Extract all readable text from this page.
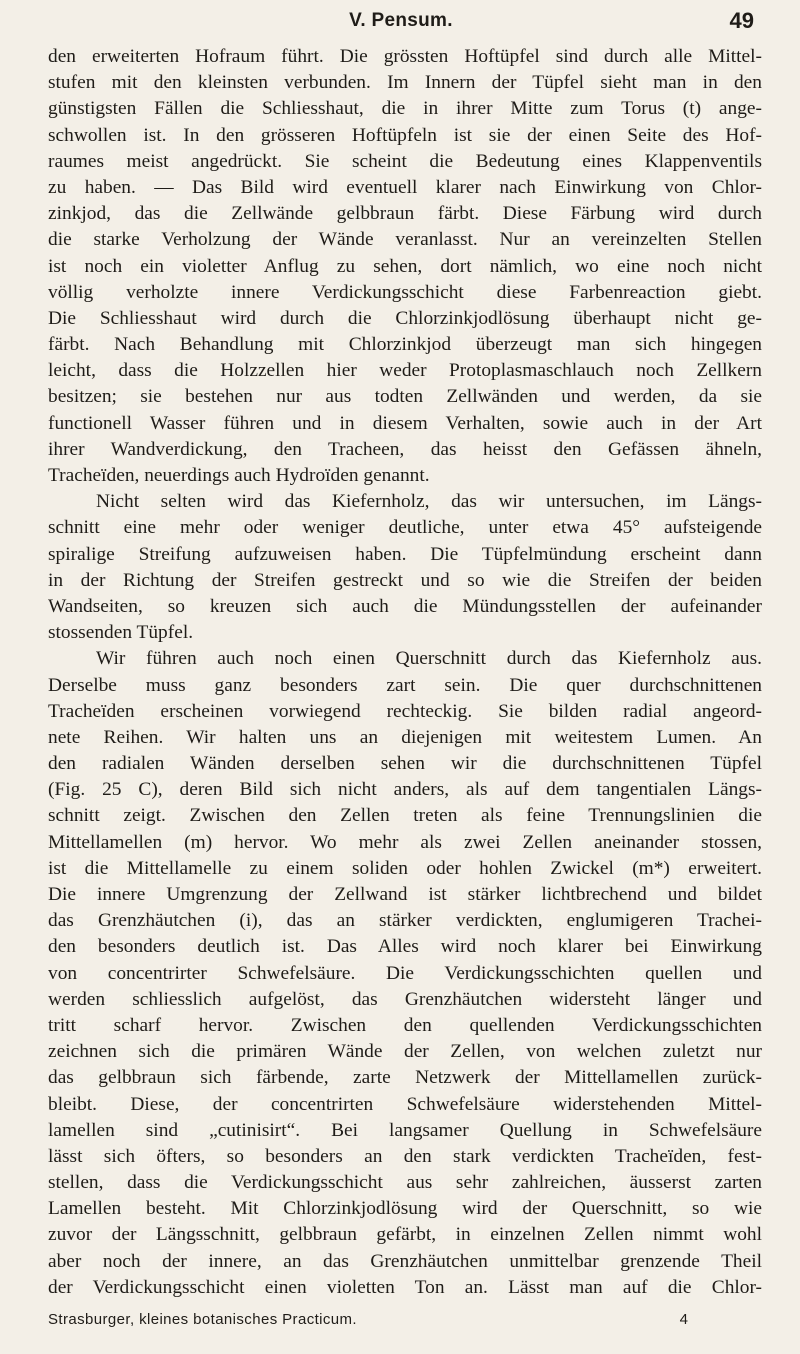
V. Pensum.	49
den erweiterten Hofraum führt. Die grössten Hoftüpfel sind durch alle Mittel-
stufen mit den kleinsten verbunden. Im Innern der Tüpfel sieht man in den
günstigsten Fällen die Schliesshaut, die in ihrer Mitte zum Torus (t) ange-
schwollen ist. In den grösseren Hoftüpfeln ist sie der einen Seite des Hof-
raumes meist angedrückt. Sie scheint die Bedeutung eines Klappenventils
zu haben. — Das Bild wird eventuell klarer nach Einwirkung von Chlor-
zinkjod, das die Zellwände gelbbraun färbt. Diese Färbung wird durch
die starke Verholzung der Wände veranlasst. Nur an vereinzelten Stellen
ist noch ein violetter Anflug zu sehen, dort nämlich, wo eine noch nicht
völlig verholzte innere Verdickungsschicht diese Farbenreaction giebt.
Die Schliesshaut wird durch die Chlorzinkjodlösung überhaupt nicht ge-
färbt. Nach Behandlung mit Chlorzinkjod überzeugt man sich hingegen
leicht, dass die Holzzellen hier weder Protoplasmaschlauch noch Zellkern
besitzen; sie bestehen nur aus todten Zellwänden und werden, da sie
functionell Wasser führen und in diesem Verhalten, sowie auch in der Art
ihrer Wandverdickung, den Tracheen, das heisst den Gefässen ähneln,
Tracheïden, neuerdings auch Hydroïden genannt.
Nicht selten wird das Kiefernholz, das wir untersuchen, im Längs-
schnitt eine mehr oder weniger deutliche, unter etwa 45° aufsteigende
spiralige Streifung aufzuweisen haben. Die Tüpfelmündung erscheint dann
in der Richtung der Streifen gestreckt und so wie die Streifen der beiden
Wandseiten, so kreuzen sich auch die Mündungsstellen der aufeinander
stossenden Tüpfel.
Wir führen auch noch einen Querschnitt durch das Kiefernholz aus.
Derselbe muss ganz besonders zart sein. Die quer durchschnittenen
Tracheïden erscheinen vorwiegend rechteckig. Sie bilden radial angeord-
nete Reihen. Wir halten uns an diejenigen mit weitestem Lumen. An
den radialen Wänden derselben sehen wir die durchschnittenen Tüpfel
(Fig. 25 C), deren Bild sich nicht anders, als auf dem tangentialen Längs-
schnitt zeigt. Zwischen den Zellen treten als feine Trennungslinien die
Mittellamellen (m) hervor. Wo mehr als zwei Zellen aneinander stossen,
ist die Mittellamelle zu einem soliden oder hohlen Zwickel (m*) erweitert.
Die innere Umgrenzung der Zellwand ist stärker lichtbrechend und bildet
das Grenzhäutchen (i), das an stärker verdickten, englumigeren Trachei-
den besonders deutlich ist. Das Alles wird noch klarer bei Einwirkung
von concentrirter Schwefelsäure. Die Verdickungsschichten quellen und
werden schliesslich aufgelöst, das Grenzhäutchen widersteht länger und
tritt scharf hervor. Zwischen den quellenden Verdickungsschichten
zeichnen sich die primären Wände der Zellen, von welchen zuletzt nur
das gelbbraun sich färbende, zarte Netzwerk der Mittellamellen zurück-
bleibt. Diese, der concentrirten Schwefelsäure widerstehenden Mittel-
lamellen sind „cutinisirt“. Bei langsamer Quellung in Schwefelsäure
lässt sich öfters, so besonders an den stark verdickten Tracheïden, fest-
stellen, dass die Verdickungsschicht aus sehr zahlreichen, äusserst zarten
Lamellen besteht. Mit Chlorzinkjodlösung wird der Querschnitt, so wie
zuvor der Längsschnitt, gelbbraun gefärbt, in einzelnen Zellen nimmt wohl
aber noch der innere, an das Grenzhäutchen unmittelbar grenzende Theil
der Verdickungsschicht einen violetten Ton an. Lässt man auf die Chlor-
Strasburger, kleines botanisches Practicum.	4
